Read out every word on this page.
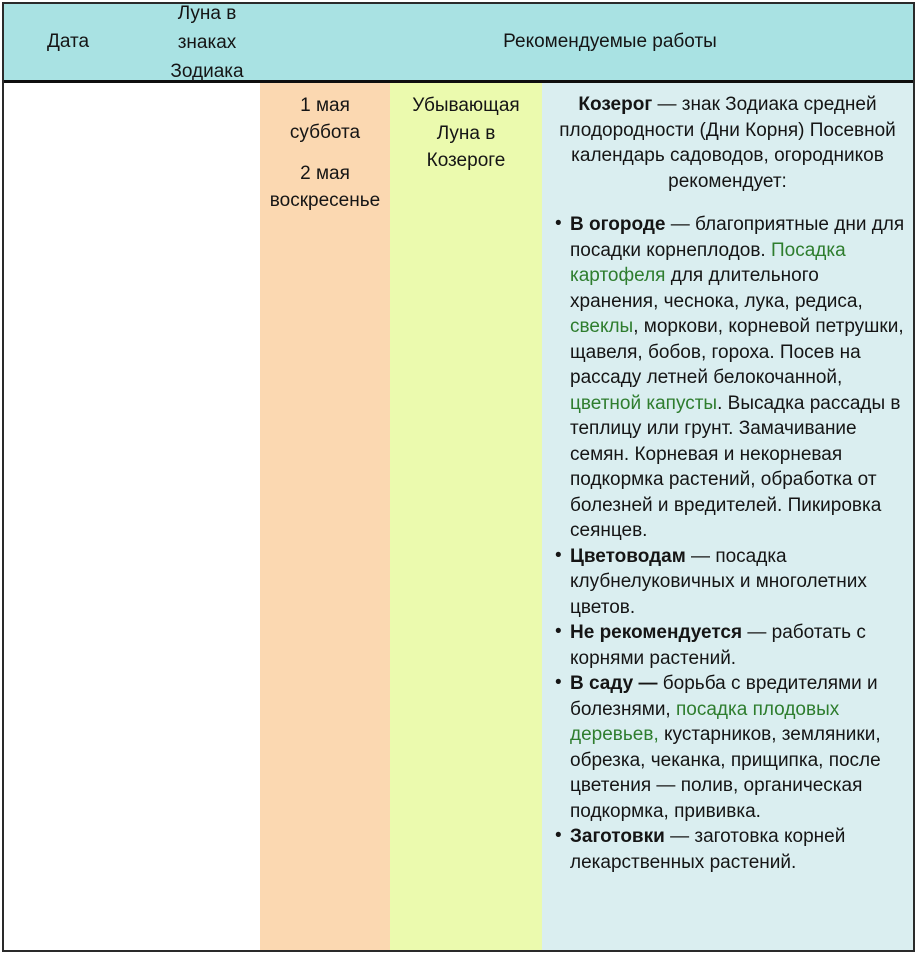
Дата
Луна в знаках Зодиака
Рекомендуемые работы
1 мая
суббота
2 мая
воскресенье
Убывающая Луна в Козероге

Козерог — знак Зодиака средней плодородности (Дни Корня) Посевной календарь садоводов, огородников рекомендует:

• В огороде — благоприятные дни для посадки корнеплодов. Посадка картофеля для длительного хранения, чеснока, лука, редиса, свеклы, моркови, корневой петрушки, щавеля, бобов, гороха. Посев на рассаду летней белокочанной, цветной капусты. Высадка рассады в теплицу или грунт. Замачивание семян. Корневая и некорневая подкормка растений, обработка от болезней и вредителей. Пикировка сеянцев.
• Цветоводам — посадка клубнелуковичных и многолетних цветов.
• Не рекомендуется — работать с корнями растений.
• В саду — борьба с вредителями и болезнями, посадка плодовых деревьев, кустарников, земляники, обрезка, чеканка, прищипка, после цветения — полив, органическая подкормка, прививка.
• Заготовки — заготовка корней лекарственных растений.
